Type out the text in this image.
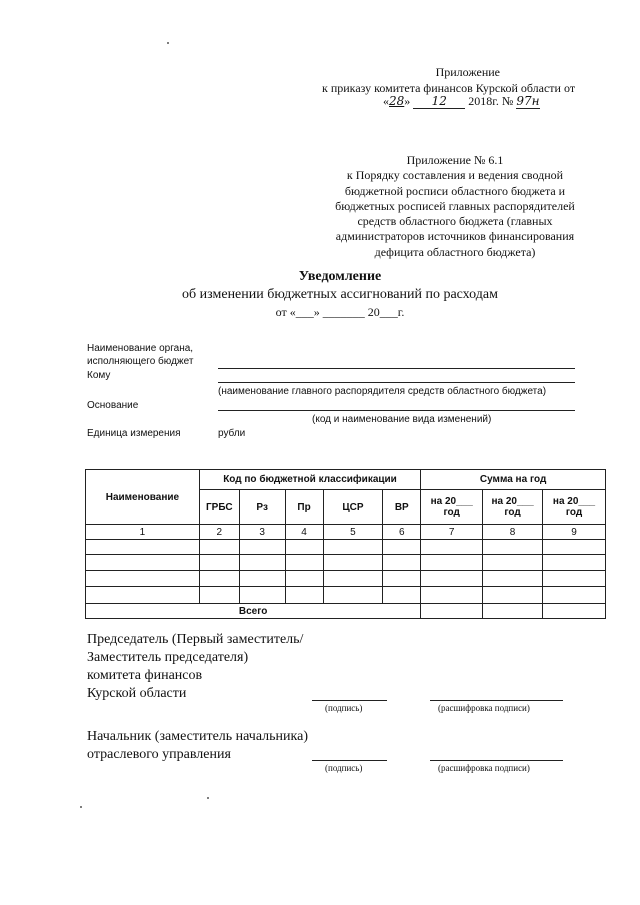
Приложение
к приказу комитета финансов Курской области от
«28» 12 2018г. № 97н
Приложение № 6.1
к Порядку составления и ведения сводной
бюджетной росписи областного бюджета и
бюджетных росписей главных распорядителей
средств областного бюджета (главных
администраторов источников финансирования
дефицита областного бюджета)
Уведомление
об изменении бюджетных ассигнований по расходам
от «___» _______ 20___г.
Наименование органа,
исполняющего бюджет
Кому
(наименование главного распорядителя средств областного бюджета)
Основание
(код и наименование вида изменений)
Единица измерения	рубли
Наименование	Код по бюджетной классификации					Сумма на год		
	ГРБС	Рз	Пр	ЦСР	ВР	на 20___ год	на 20___ год	на 20___ год
1	2	3	4	5	6	7	8	9

Всего								
Председатель (Первый заместитель/
Заместитель председателя)
комитета финансов
Курской области
(подпись)	(расшифровка подписи)
Начальник (заместитель начальника)
отраслевого управления
(подпись)	(расшифровка подписи)
